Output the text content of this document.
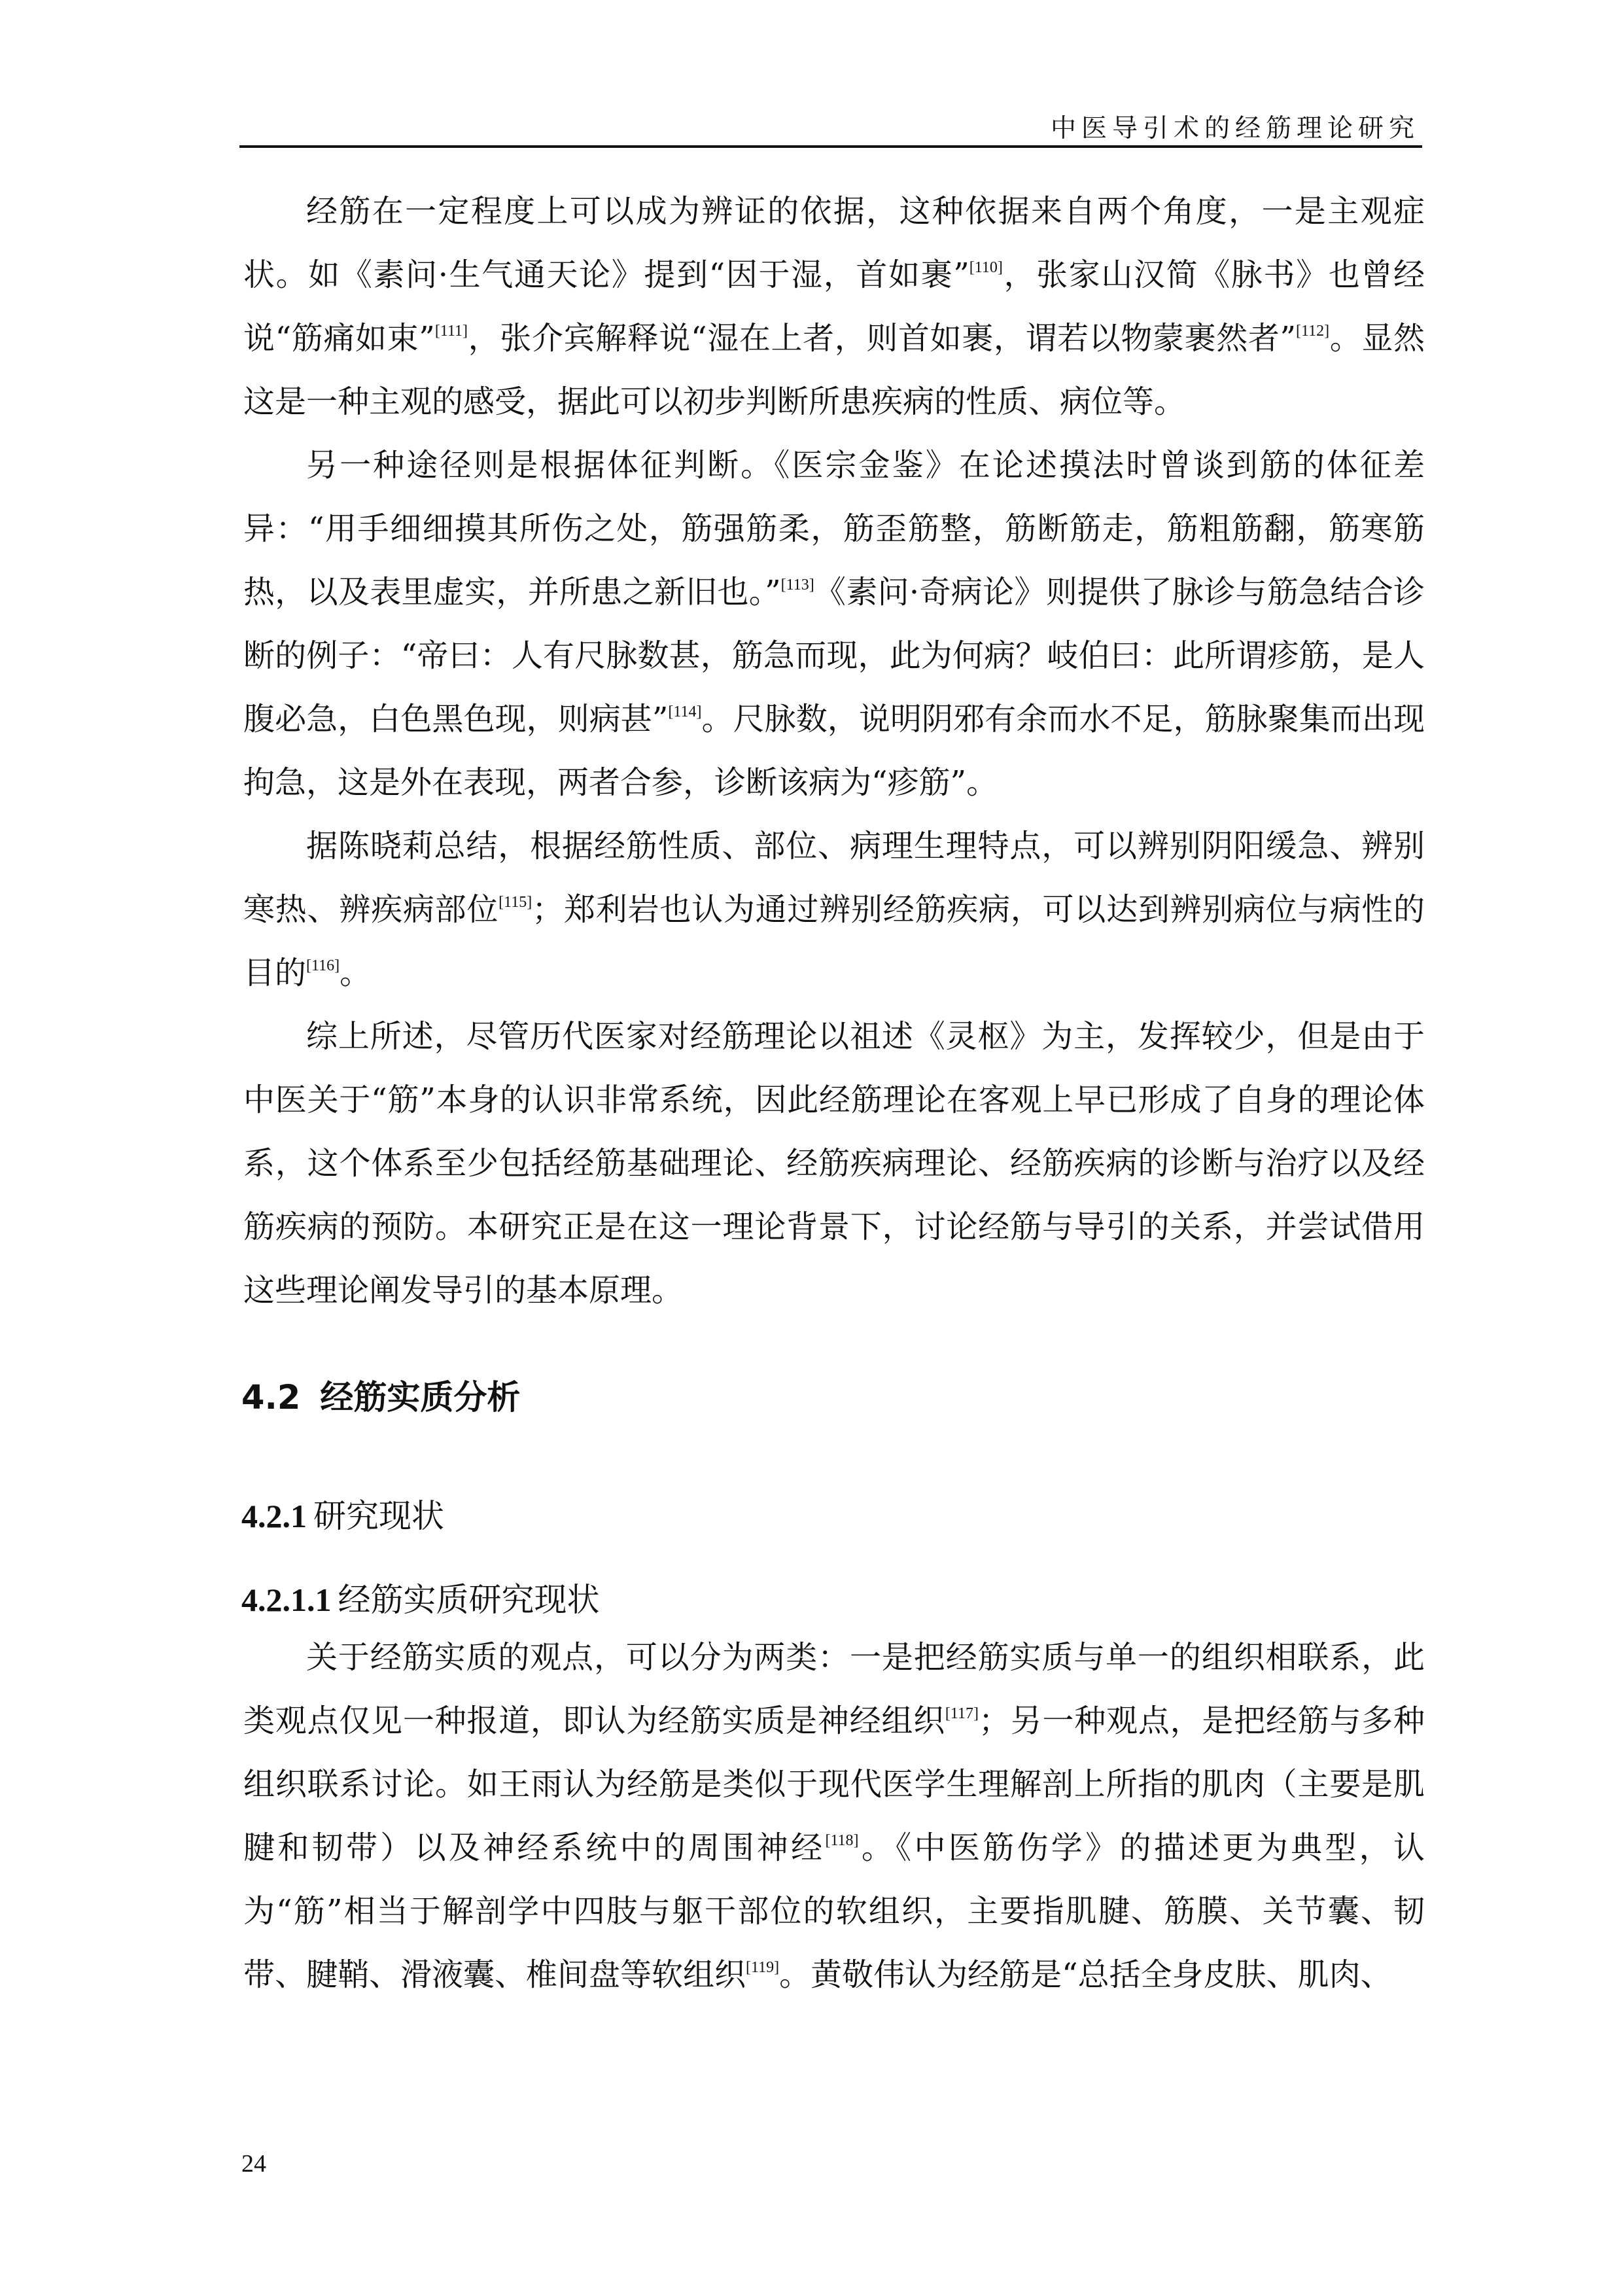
中医导引术的经筋理论研究

经筋在一定程度上可以成为辨证的依据，这种依据来自两个角度，一是主观症状。如《素问·生气通天论》提到“因于湿，首如裹”[110]，张家山汉简《脉书》也曾经说“筋痛如束”[111]，张介宾解释说“湿在上者，则首如裹，谓若以物蒙裹然者”[112]。显然这是一种主观的感受，据此可以初步判断所患疾病的性质、病位等。

另一种途径则是根据体征判断。《医宗金鉴》在论述摸法时曾谈到筋的体征差异：“用手细细摸其所伤之处，筋强筋柔，筋歪筋整，筋断筋走，筋粗筋翻，筋寒筋热，以及表里虚实，并所患之新旧也。”[113]《素问·奇病论》则提供了脉诊与筋急结合诊断的例子：“帝曰：人有尺脉数甚，筋急而现，此为何病？岐伯曰：此所谓疹筋，是人腹必急，白色黑色现，则病甚”[114]。尺脉数，说明阴邪有余而水不足，筋脉聚集而出现拘急，这是外在表现，两者合参，诊断该病为“疹筋”。

据陈晓莉总结，根据经筋性质、部位、病理生理特点，可以辨别阴阳缓急、辨别寒热、辨疾病部位[115]；郑利岩也认为通过辨别经筋疾病，可以达到辨别病位与病性的目的[116]。

综上所述，尽管历代医家对经筋理论以祖述《灵枢》为主，发挥较少，但是由于中医关于“筋”本身的认识非常系统，因此经筋理论在客观上早已形成了自身的理论体系，这个体系至少包括经筋基础理论、经筋疾病理论、经筋疾病的诊断与治疗以及经筋疾病的预防。本研究正是在这一理论背景下，讨论经筋与导引的关系，并尝试借用这些理论阐发导引的基本原理。

4.2 经筋实质分析
4.2.1 研究现状
4.2.1.1 经筋实质研究现状

关于经筋实质的观点，可以分为两类：一是把经筋实质与单一的组织相联系，此类观点仅见一种报道，即认为经筋实质是神经组织[117]；另一种观点，是把经筋与多种组织联系讨论。如王雨认为经筋是类似于现代医学生理解剖上所指的肌肉（主要是肌腱和韧带）以及神经系统中的周围神经[118]。《中医筋伤学》的描述更为典型，认为“筋”相当于解剖学中四肢与躯干部位的软组织，主要指肌腱、筋膜、关节囊、韧带、腱鞘、滑液囊、椎间盘等软组织[119]。黄敬伟认为经筋是“总括全身皮肤、肌肉、

24
